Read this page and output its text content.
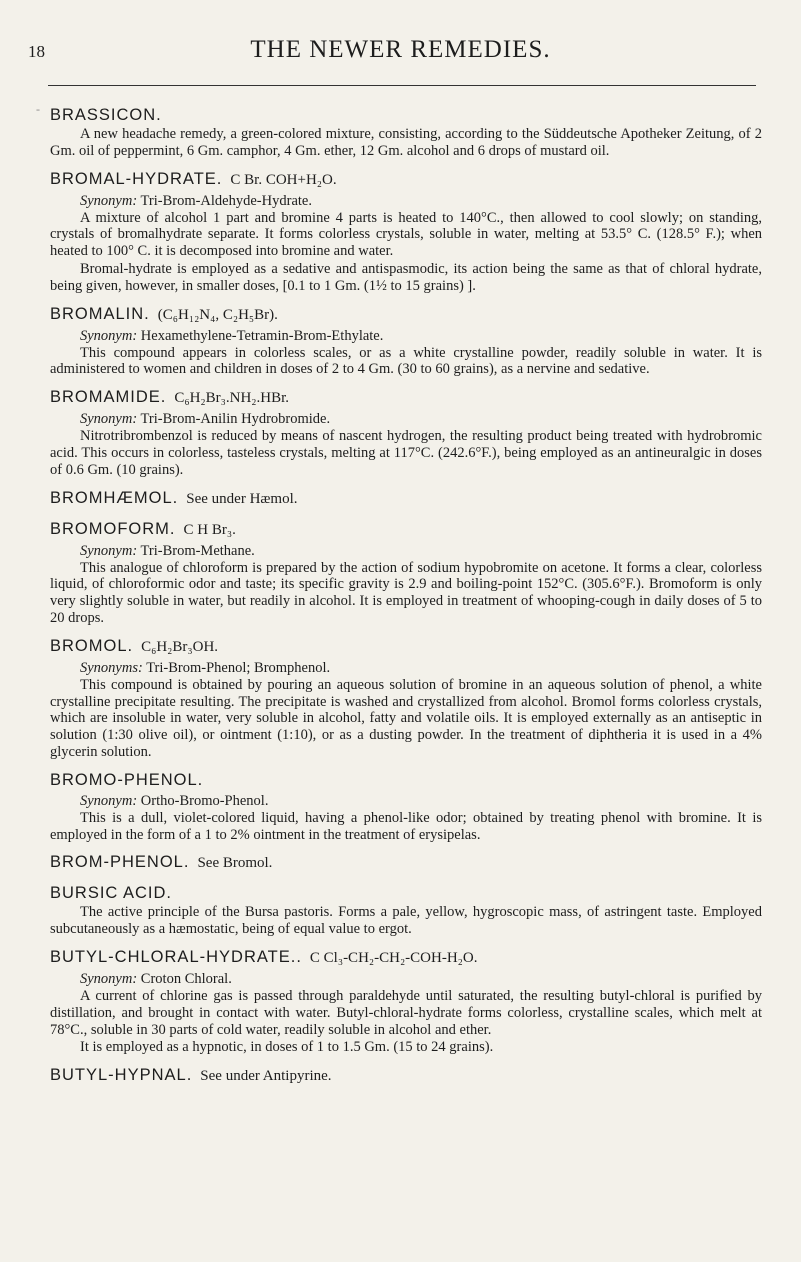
18	THE NEWER REMEDIES.
- BRASSICON.

A new headache remedy, a green-colored mixture, consisting, according to the Süddeutsche Apotheker Zeitung, of 2 Gm. oil of peppermint, 6 Gm. camphor, 4 Gm. ether, 12 Gm. alcohol and 6 drops of mustard oil.

BROMAL-HYDRATE. C Br. COH+H₂O.
Synonym: Tri-Brom-Aldehyde-Hydrate.

A mixture of alcohol 1 part and bromine 4 parts is heated to 140°C., then allowed to cool slowly; on standing, crystals of bromalhydrate separate. It forms colorless crystals, soluble in water, melting at 53.5° C. (128.5° F.); when heated to 100° C. it is decomposed into bromine and water.

Bromal-hydrate is employed as a sedative and antispasmodic, its action being the same as that of chloral hydrate, being given, however, in smaller doses, [0.1 to 1 Gm. (1½ to 15 grains) ].

BROMALIN. (C₆H₁₂N₄, C₂H₅Br).
Synonym: Hexamethylene-Tetramin-Brom-Ethylate.

This compound appears in colorless scales, or as a white crystalline powder, readily soluble in water. It is administered to women and children in doses of 2 to 4 Gm. (30 to 60 grains), as a nervine and sedative.

BROMAMIDE. C₆H₂Br₃.NH₂.HBr.
Synonym: Tri-Brom-Anilin Hydrobromide.

Nitrotribrombenzol is reduced by means of nascent hydrogen, the resulting product being treated with hydrobromic acid. This occurs in colorless, tasteless crystals, melting at 117°C. (242.6°F.), being employed as an antineuralgic in doses of 0.6 Gm. (10 grains).

BROMHÆMOL. See under Hæmol.
BROMOFORM. C H Br₃.
Synonym: Tri-Brom-Methane.

This analogue of chloroform is prepared by the action of sodium hypobromite on acetone. It forms a clear, colorless liquid, of chloroformic odor and taste; its specific gravity is 2.9 and boiling-point 152°C. (305.6°F.). Bromoform is only very slightly soluble in water, but readily in alcohol. It is employed in treatment of whooping-cough in daily doses of 5 to 20 drops.

BROMOL. C₆H₂Br₃OH.
Synonyms: Tri-Brom-Phenol; Bromphenol.

This compound is obtained by pouring an aqueous solution of bromine in an aqueous solution of phenol, a white crystalline precipitate resulting. The precipitate is washed and crystallized from alcohol. Bromol forms colorless crystals, which are insoluble in water, very soluble in alcohol, fatty and volatile oils. It is employed externally as an antiseptic in solution (1:30 olive oil), or ointment (1:10), or as a dusting powder. In the treatment of diphtheria it is used in a 4% glycerin solution.

BROMO-PHENOL.
Synonym: Ortho-Bromo-Phenol.

This is a dull, violet-colored liquid, having a phenol-like odor; obtained by treating phenol with bromine. It is employed in the form of a 1 to 2% ointment in the treatment of erysipelas.

BROM-PHENOL. See Bromol.
BURSIC ACID.

The active principle of the Bursa pastoris. Forms a pale, yellow, hygroscopic mass, of astringent taste. Employed subcutaneously as a hæmostatic, being of equal value to ergot.

BUTYL-CHLORAL-HYDRATE.. C Cl₃-CH₂-CH₂-COH-H₂O.
Synonym: Croton Chloral.

A current of chlorine gas is passed through paraldehyde until saturated, the resulting butyl-chloral is purified by distillation, and brought in contact with water. Butyl-chloral-hydrate forms colorless, crystalline scales, which melt at 78°C., soluble in 30 parts of cold water, readily soluble in alcohol and ether.

It is employed as a hypnotic, in doses of 1 to 1.5 Gm. (15 to 24 grains).

BUTYL-HYPNAL. See under Antipyrine.
